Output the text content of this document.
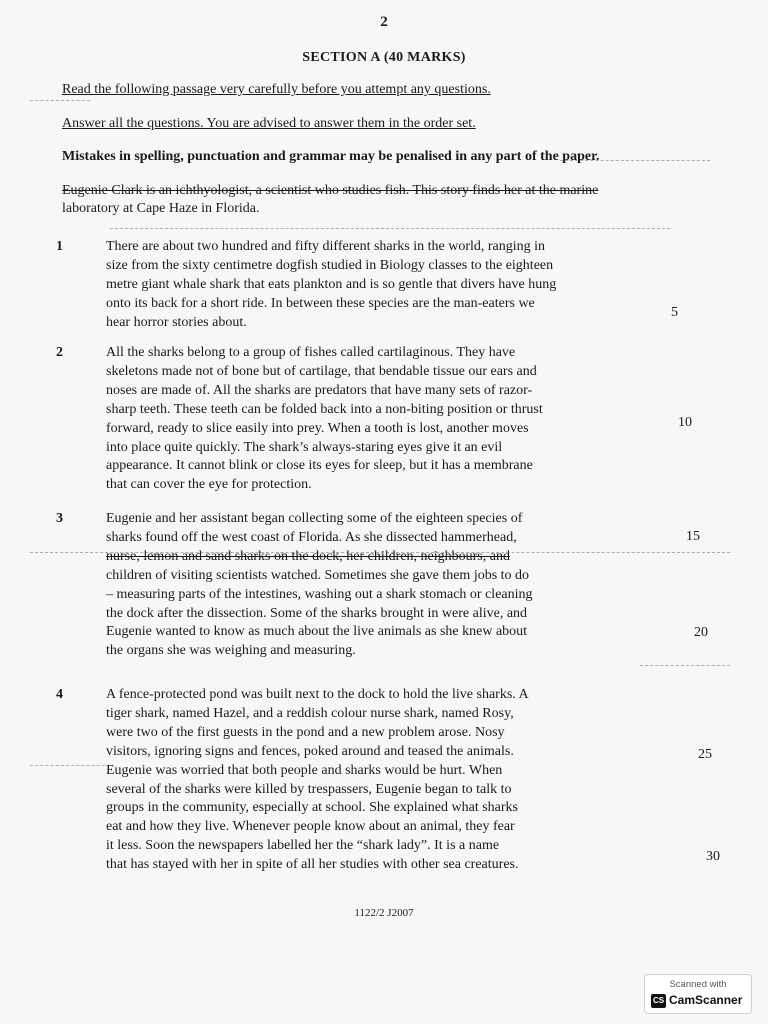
2
SECTION A (40 MARKS)
Read the following passage very carefully before you attempt any questions.
Answer all the questions. You are advised to answer them in the order set.
Mistakes in spelling, punctuation and grammar may be penalised in any part of the paper.
Eugenie Clark is an ichthyologist, a scientist who studies fish. This story finds her at the marine
laboratory at Cape Haze in Florida.
1	There are about two hundred and fifty different sharks in the world, ranging in
size from the sixty centimetre dogfish studied in Biology classes to the eighteen
metre giant whale shark that eats plankton and is so gentle that divers have hung
onto its back for a short ride. In between these species are the man-eaters we
hear horror stories about.
5
2	All the sharks belong to a group of fishes called cartilaginous. They have
skeletons made not of bone but of cartilage, that bendable tissue our ears and
noses are made of. All the sharks are predators that have many sets of razor-
sharp teeth. These teeth can be folded back into a non-biting position or thrust
forward, ready to slice easily into prey. When a tooth is lost, another moves
into place quite quickly. The shark’s always-staring eyes give it an evil
appearance. It cannot blink or close its eyes for sleep, but it has a membrane
that can cover the eye for protection.
10
3	Eugenie and her assistant began collecting some of the eighteen species of
sharks found off the west coast of Florida. As she dissected hammerhead,
nurse, lemon and sand sharks on the dock, her children, neighbours, and
children of visiting scientists watched. Sometimes she gave them jobs to do
– measuring parts of the intestines, washing out a shark stomach or cleaning
the dock after the dissection. Some of the sharks brought in were alive, and
Eugenie wanted to know as much about the live animals as she knew about
the organs she was weighing and measuring.
15
20
4	A fence-protected pond was built next to the dock to hold the live sharks. A
tiger shark, named Hazel, and a reddish colour nurse shark, named Rosy,
were two of the first guests in the pond and a new problem arose. Nosy
visitors, ignoring signs and fences, poked around and teased the animals.
Eugenie was worried that both people and sharks would be hurt. When
several of the sharks were killed by trespassers, Eugenie began to talk to
groups in the community, especially at school. She explained what sharks
eat and how they live. Whenever people know about an animal, they fear
it less. Soon the newspapers labelled her the “shark lady”. It is a name
that has stayed with her in spite of all her studies with other sea creatures.
25
30
1122/2 J2007
Scanned with
CS CamScanner
